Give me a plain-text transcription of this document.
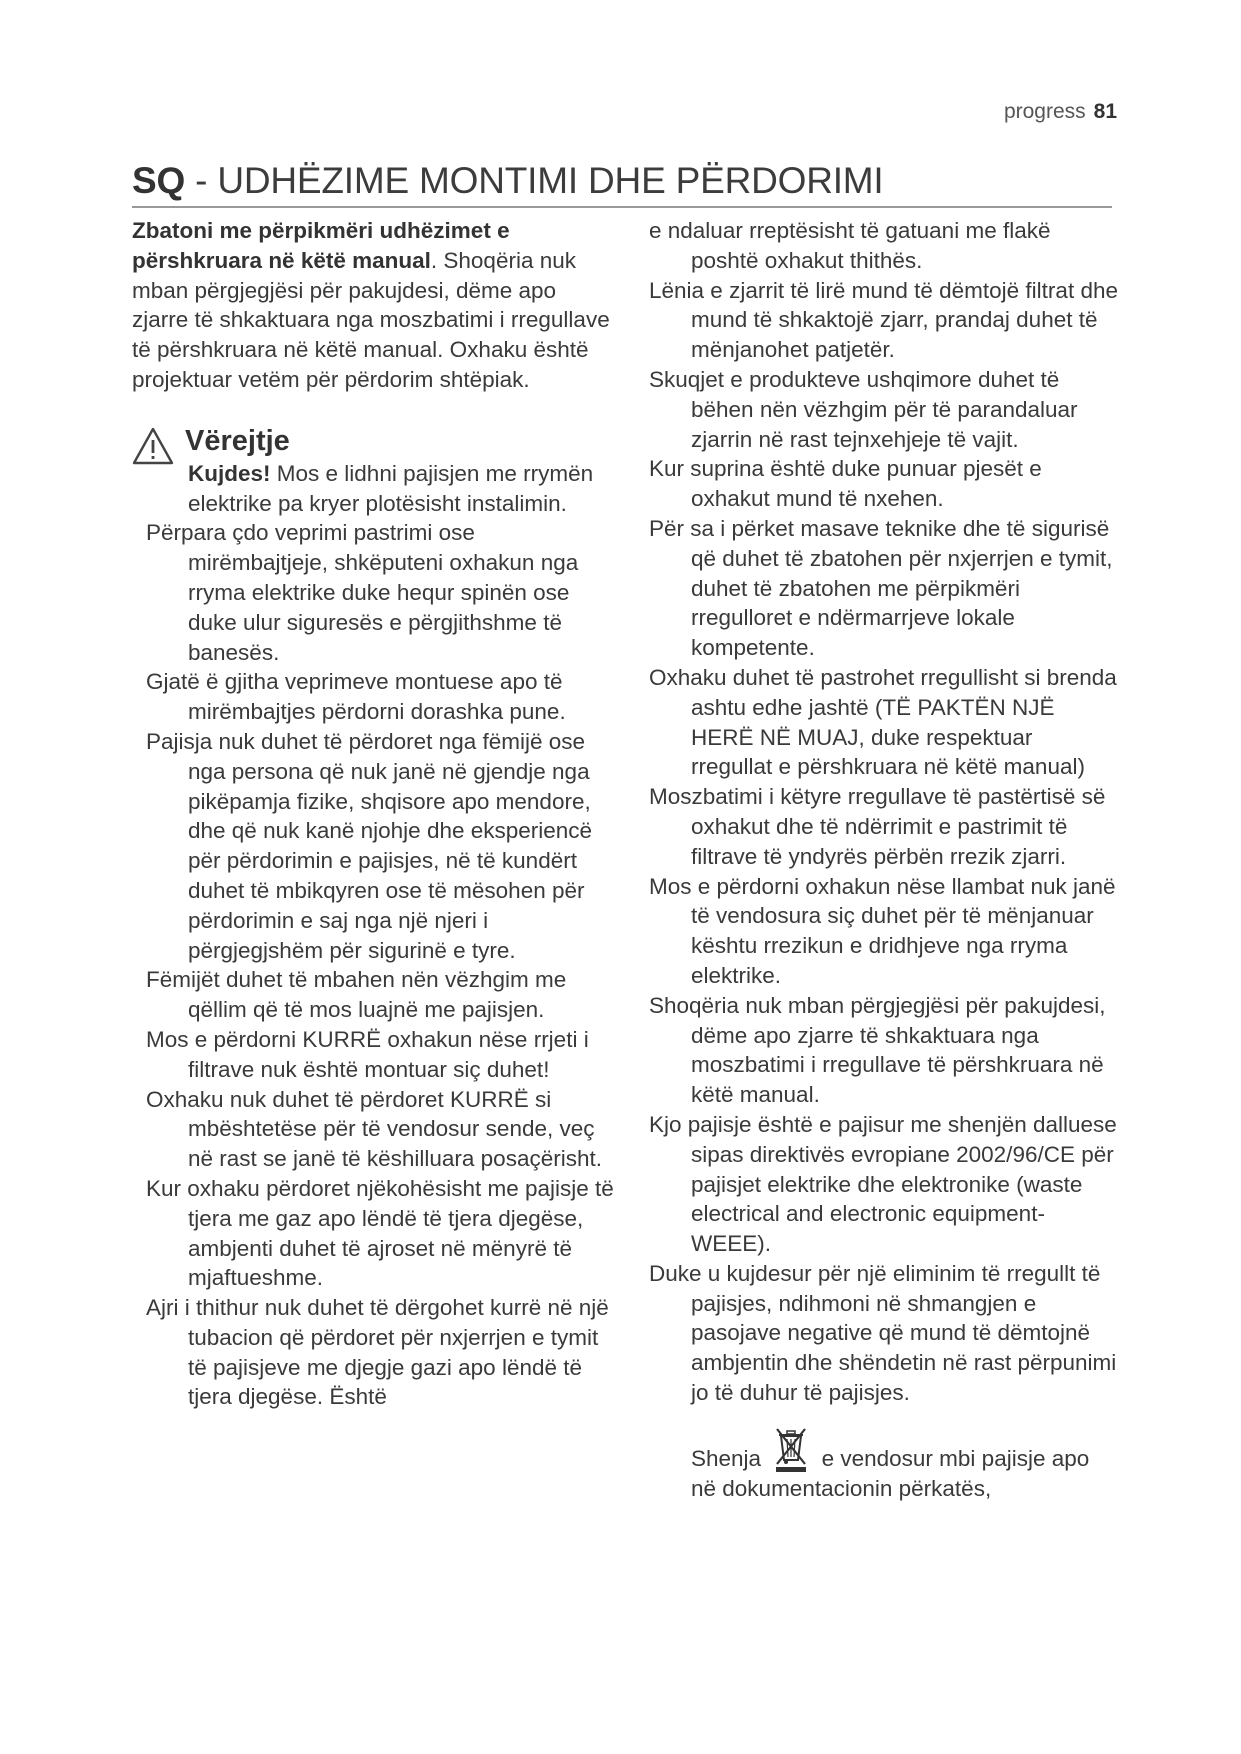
progress 81
SQ - UDHËZIME MONTIMI DHE PËRDORIMI

Zbatoni me përpikmëri udhëzimet e përshkruara në këtë manual. Shoqëria nuk mban përgjegjësi për pakujdesi, dëme apo zjarre të shkaktuara nga moszbatimi i rregullave të përshkruara në këtë manual. Oxhaku është projektuar vetëm për përdorim shtëpiak.

Vërejtje

Kujdes! Mos e lidhni pajisjen me rrymën elektrike pa kryer plotësisht instalimin.

Përpara çdo veprimi pastrimi ose mirëmbajtjeje, shkëputeni oxhakun nga rryma elektrike duke hequr spinën ose duke ulur siguresës e përgjithshme të banesës.

Gjatë ë gjitha veprimeve montuese apo të mirëmbajtjes përdorni dorashka pune.

Pajisja nuk duhet të përdoret nga fëmijë ose nga persona që nuk janë në gjendje nga pikëpamja fizike, shqisore apo mendore, dhe që nuk kanë njohje dhe eksperiencë për përdorimin e pajisjes, në të kundërt duhet të mbikqyren ose të mësohen për përdorimin e saj nga një njeri i përgjegjshëm për sigurinë e tyre.

Fëmijët duhet të mbahen nën vëzhgim me qëllim që të mos luajnë me pajisjen.

Mos e përdorni KURRË oxhakun nëse rrjeti i filtrave nuk është montuar siç duhet!

Oxhaku nuk duhet të përdoret KURRË si mbështetëse për të vendosur sende, veç në rast se janë të këshilluara posaçërisht.

Kur oxhaku përdoret njëkohësisht me pajisje të tjera me gaz apo lëndë të tjera djegëse, ambjenti duhet të ajroset në mënyrë të mjaftueshme.

Ajri i thithur nuk duhet të dërgohet kurrë në një tubacion që përdoret për nxjerrjen e tymit të pajisjeve me djegje gazi apo lëndë të tjera djegëse. Është

e ndaluar rreptësisht të gatuani me flakë poshtë oxhakut thithës.

Lënia e zjarrit të lirë mund të dëmtojë filtrat dhe mund të shkaktojë zjarr, prandaj duhet të mënjanohet patjetër.

Skuqjet e produkteve ushqimore duhet të bëhen nën vëzhgim për të parandaluar zjarrin në rast tejnxehjeje të vajit.

Kur suprina është duke punuar pjesët e oxhakut mund të nxehen.

Për sa i përket masave teknike dhe të sigurisë që duhet të zbatohen për nxjerrjen e tymit, duhet të zbatohen me përpikmëri rregulloret e ndërmarrjeve lokale kompetente.

Oxhaku duhet të pastrohet rregullisht si brenda ashtu edhe jashtë (TË PAKTËN NJË HERË NË MUAJ, duke respektuar rregullat e përshkruara në këtë manual)

Moszbatimi i këtyre rregullave të pastërtisë së oxhakut dhe të ndërrimit e pastrimit të filtrave të yndyrës përbën rrezik zjarri.

Mos e përdorni oxhakun nëse llambat nuk janë të vendosura siç duhet për të mënjanuar kështu rrezikun e dridhjeve nga rryma elektrike.

Shoqëria nuk mban përgjegjësi për pakujdesi, dëme apo zjarre të shkaktuara nga moszbatimi i rregullave të përshkruara në këtë manual.

Kjo pajisje është e pajisur me shenjën dalluese sipas direktivës evropiane 2002/96/CE për pajisjet elektrike dhe elektronike (waste electrical and electronic equipment- WEEE).

Duke u kujdesur për një eliminim të rregullt të pajisjes, ndihmoni në shmangjen e pasojave negative që mund të dëmtojnë ambjentin dhe shëndetin në rast përpunimi jo të duhur të pajisjes.

Shenja	e vendosur mbi pajisje apo në dokumentacionin përkatës,
